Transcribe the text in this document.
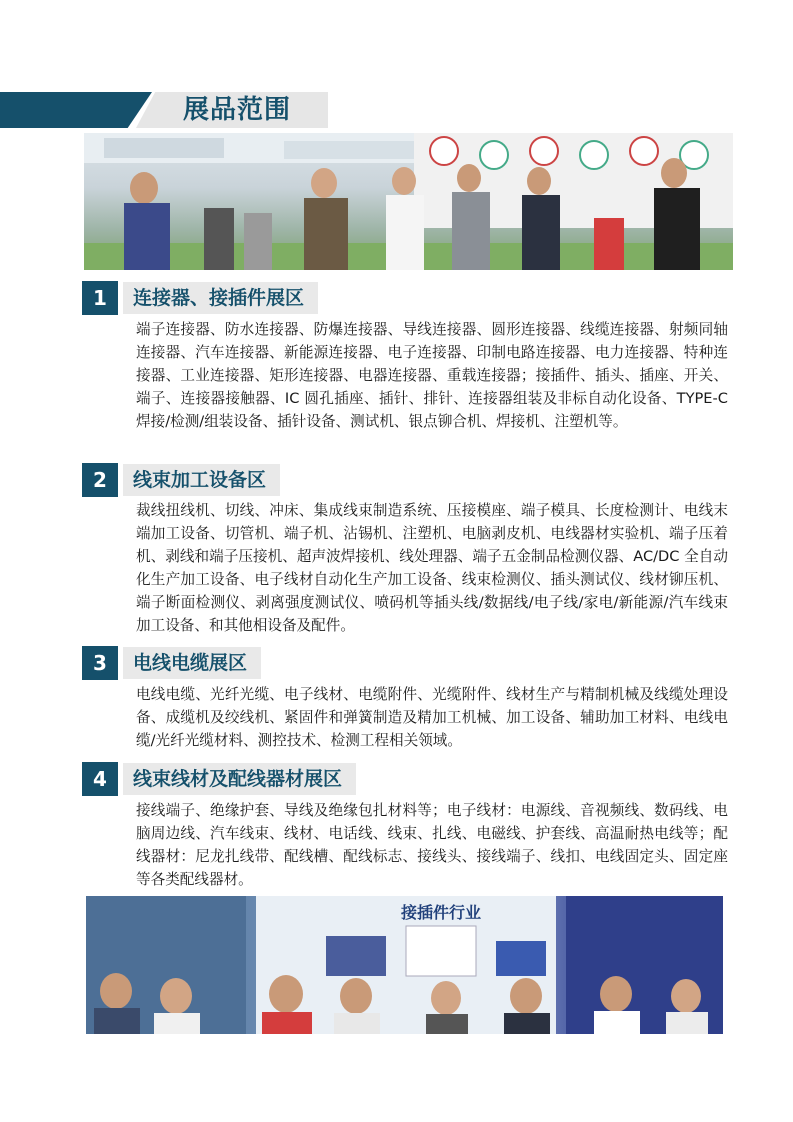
展品范围
1	连接器、接插件展区
端子连接器、防水连接器、防爆连接器、导线连接器、圆形连接器、线缆连接器、射频同轴连接器、汽车连接器、新能源连接器、电子连接器、印制电路连接器、电力连接器、特种连接器、工业连接器、矩形连接器、电器连接器、重载连接器；接插件、插头、插座、开关、端子、连接器接触器、IC 圆孔插座、插针、排针、连接器组装及非标自动化设备、TYPE-C 焊接/检测/组装设备、插针设备、测试机、银点铆合机、焊接机、注塑机等。
2	线束加工设备区
裁线扭线机、切线、冲床、集成线束制造系统、压接模座、端子模具、长度检测计、电线末端加工设备、切管机、端子机、沾锡机、注塑机、电脑剥皮机、电线器材实验机、端子压着机、剥线和端子压接机、超声波焊接机、线处理器、端子五金制品检测仪器、AC/DC 全自动化生产加工设备、电子线材自动化生产加工设备、线束检测仪、插头测试仪、线材铆压机、端子断面检测仪、剥离强度测试仪、喷码机等插头线/数据线/电子线/家电/新能源/汽车线束加工设备、和其他相设备及配件。
3	电线电缆展区
电线电缆、光纤光缆、电子线材、电缆附件、光缆附件、线材生产与精制机械及线缆处理设备、成缆机及绞线机、紧固件和弹簧制造及精加工机械、加工设备、辅助加工材料、电线电缆/光纤光缆材料、测控技术、检测工程相关领域。
4	线束线材及配线器材展区
接线端子、绝缘护套、导线及绝缘包扎材料等；电子线材：电源线、音视频线、数码线、电脑周边线、汽车线束、线材、电话线、线束、扎线、电磁线、护套线、高温耐热电线等；配线器材：尼龙扎线带、配线槽、配线标志、接线头、接线端子、线扣、电线固定头、固定座等各类配线器材。
接插件行业
